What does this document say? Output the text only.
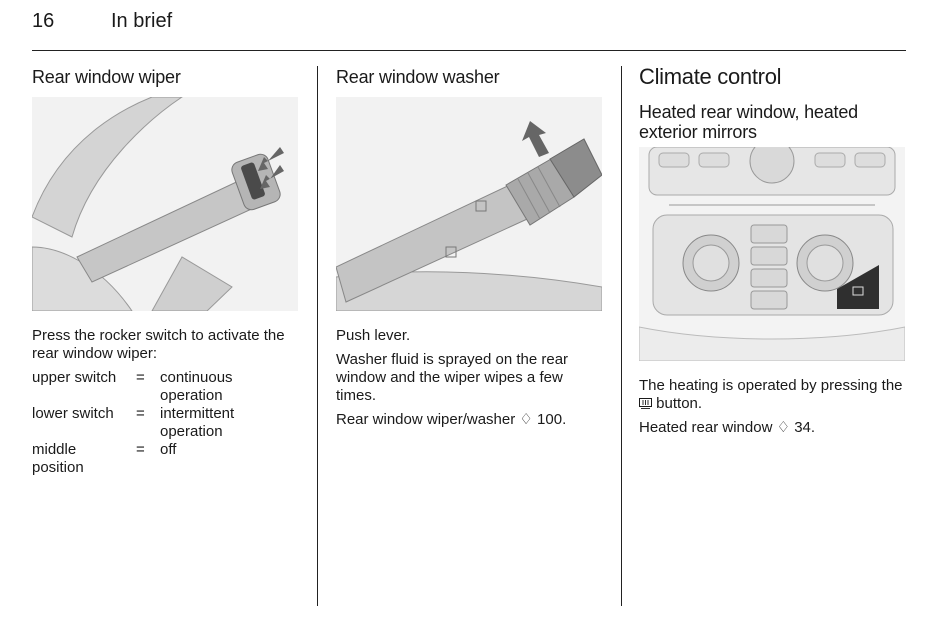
16	In brief
Rear window wiper

Press the rocker switch to activate the rear window wiper:

upper switch	=	continuous operation
lower switch	=	intermittent operation
middle position	=	off
Rear window washer

Push lever.

Washer fluid is sprayed on the rear window and the wiper wipes a few times.

Rear window wiper/washer ♢ 100.

Climate control
Heated rear window, heated exterior mirrors

The heating is operated by pressing the  button.

Heated rear window ♢ 34.
